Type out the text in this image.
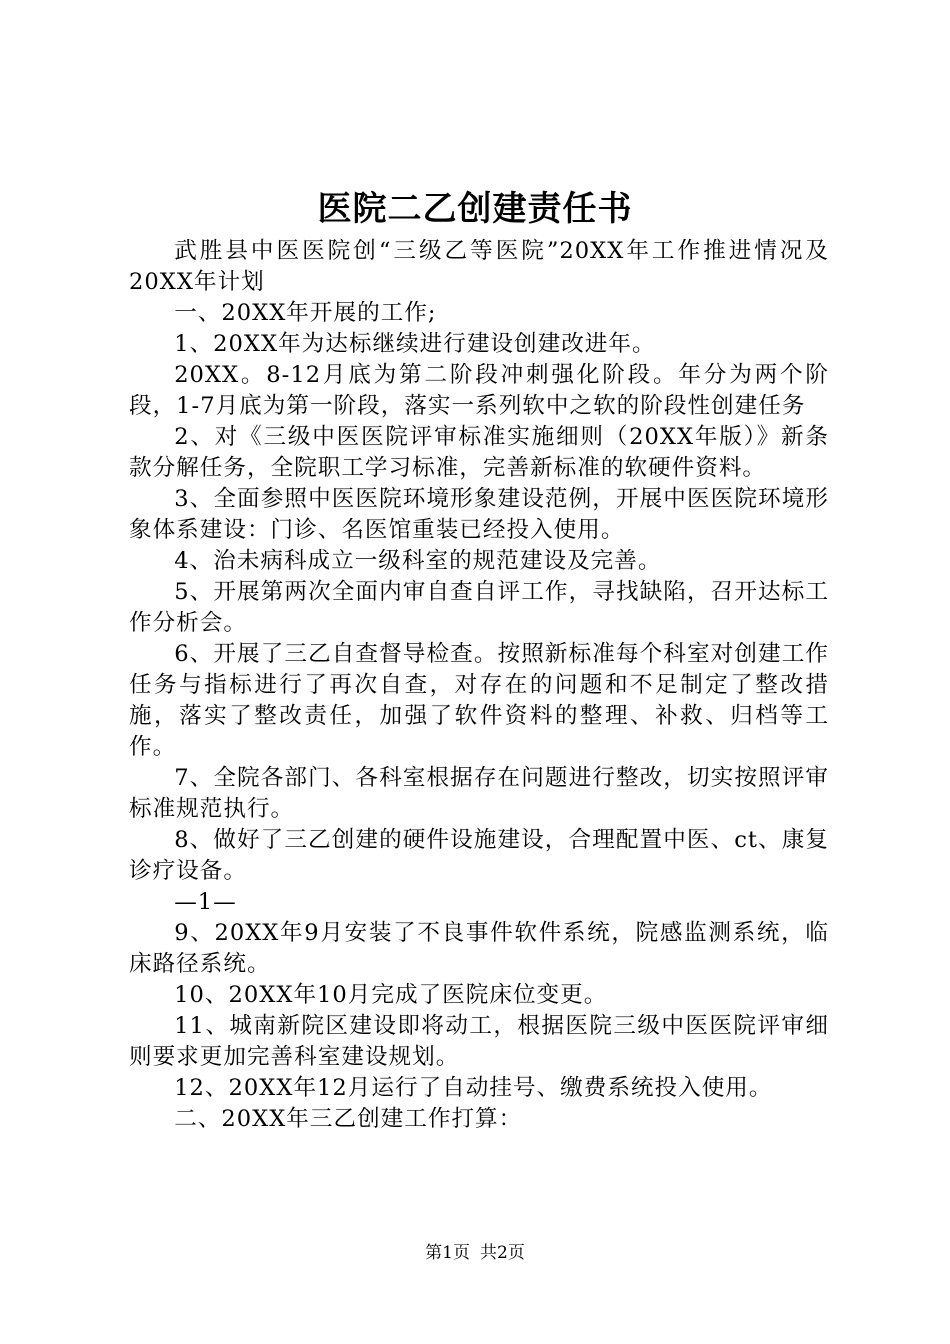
医院二乙创建责任书

武胜县中医医院创“三级乙等医院”20XX年工作推进情况及20XX年计划

一、20XX年开展的工作;

1、20XX年为达标继续进行建设创建改进年。

20XX。8-12月底为第二阶段冲刺强化阶段。年分为两个阶段，1-7月底为第一阶段，落实一系列软中之软的阶段性创建任务

2、对《三级中医医院评审标准实施细则（20XX年版）》新条款分解任务，全院职工学习标准，完善新标准的软硬件资料。

3、全面参照中医医院环境形象建设范例，开展中医医院环境形象体系建设：门诊、名医馆重装已经投入使用。

4、治未病科成立一级科室的规范建设及完善。

5、开展第两次全面内审自查自评工作，寻找缺陷，召开达标工作分析会。

6、开展了三乙自查督导检查。按照新标准每个科室对创建工作任务与指标进行了再次自查，对存在的问题和不足制定了整改措施，落实了整改责任，加强了软件资料的整理、补救、归档等工作。

7、全院各部门、各科室根据存在问题进行整改，切实按照评审标准规范执行。

8、做好了三乙创建的硬件设施建设，合理配置中医、ct、康复诊疗设备。

—1—

9、20XX年9月安装了不良事件软件系统，院感监测系统，临床路径系统。

10、20XX年10月完成了医院床位变更。

11、城南新院区建设即将动工，根据医院三级中医医院评审细则要求更加完善科室建设规划。

12、20XX年12月运行了自动挂号、缴费系统投入使用。

二、20XX年三乙创建工作打算：

第1页 共2页
